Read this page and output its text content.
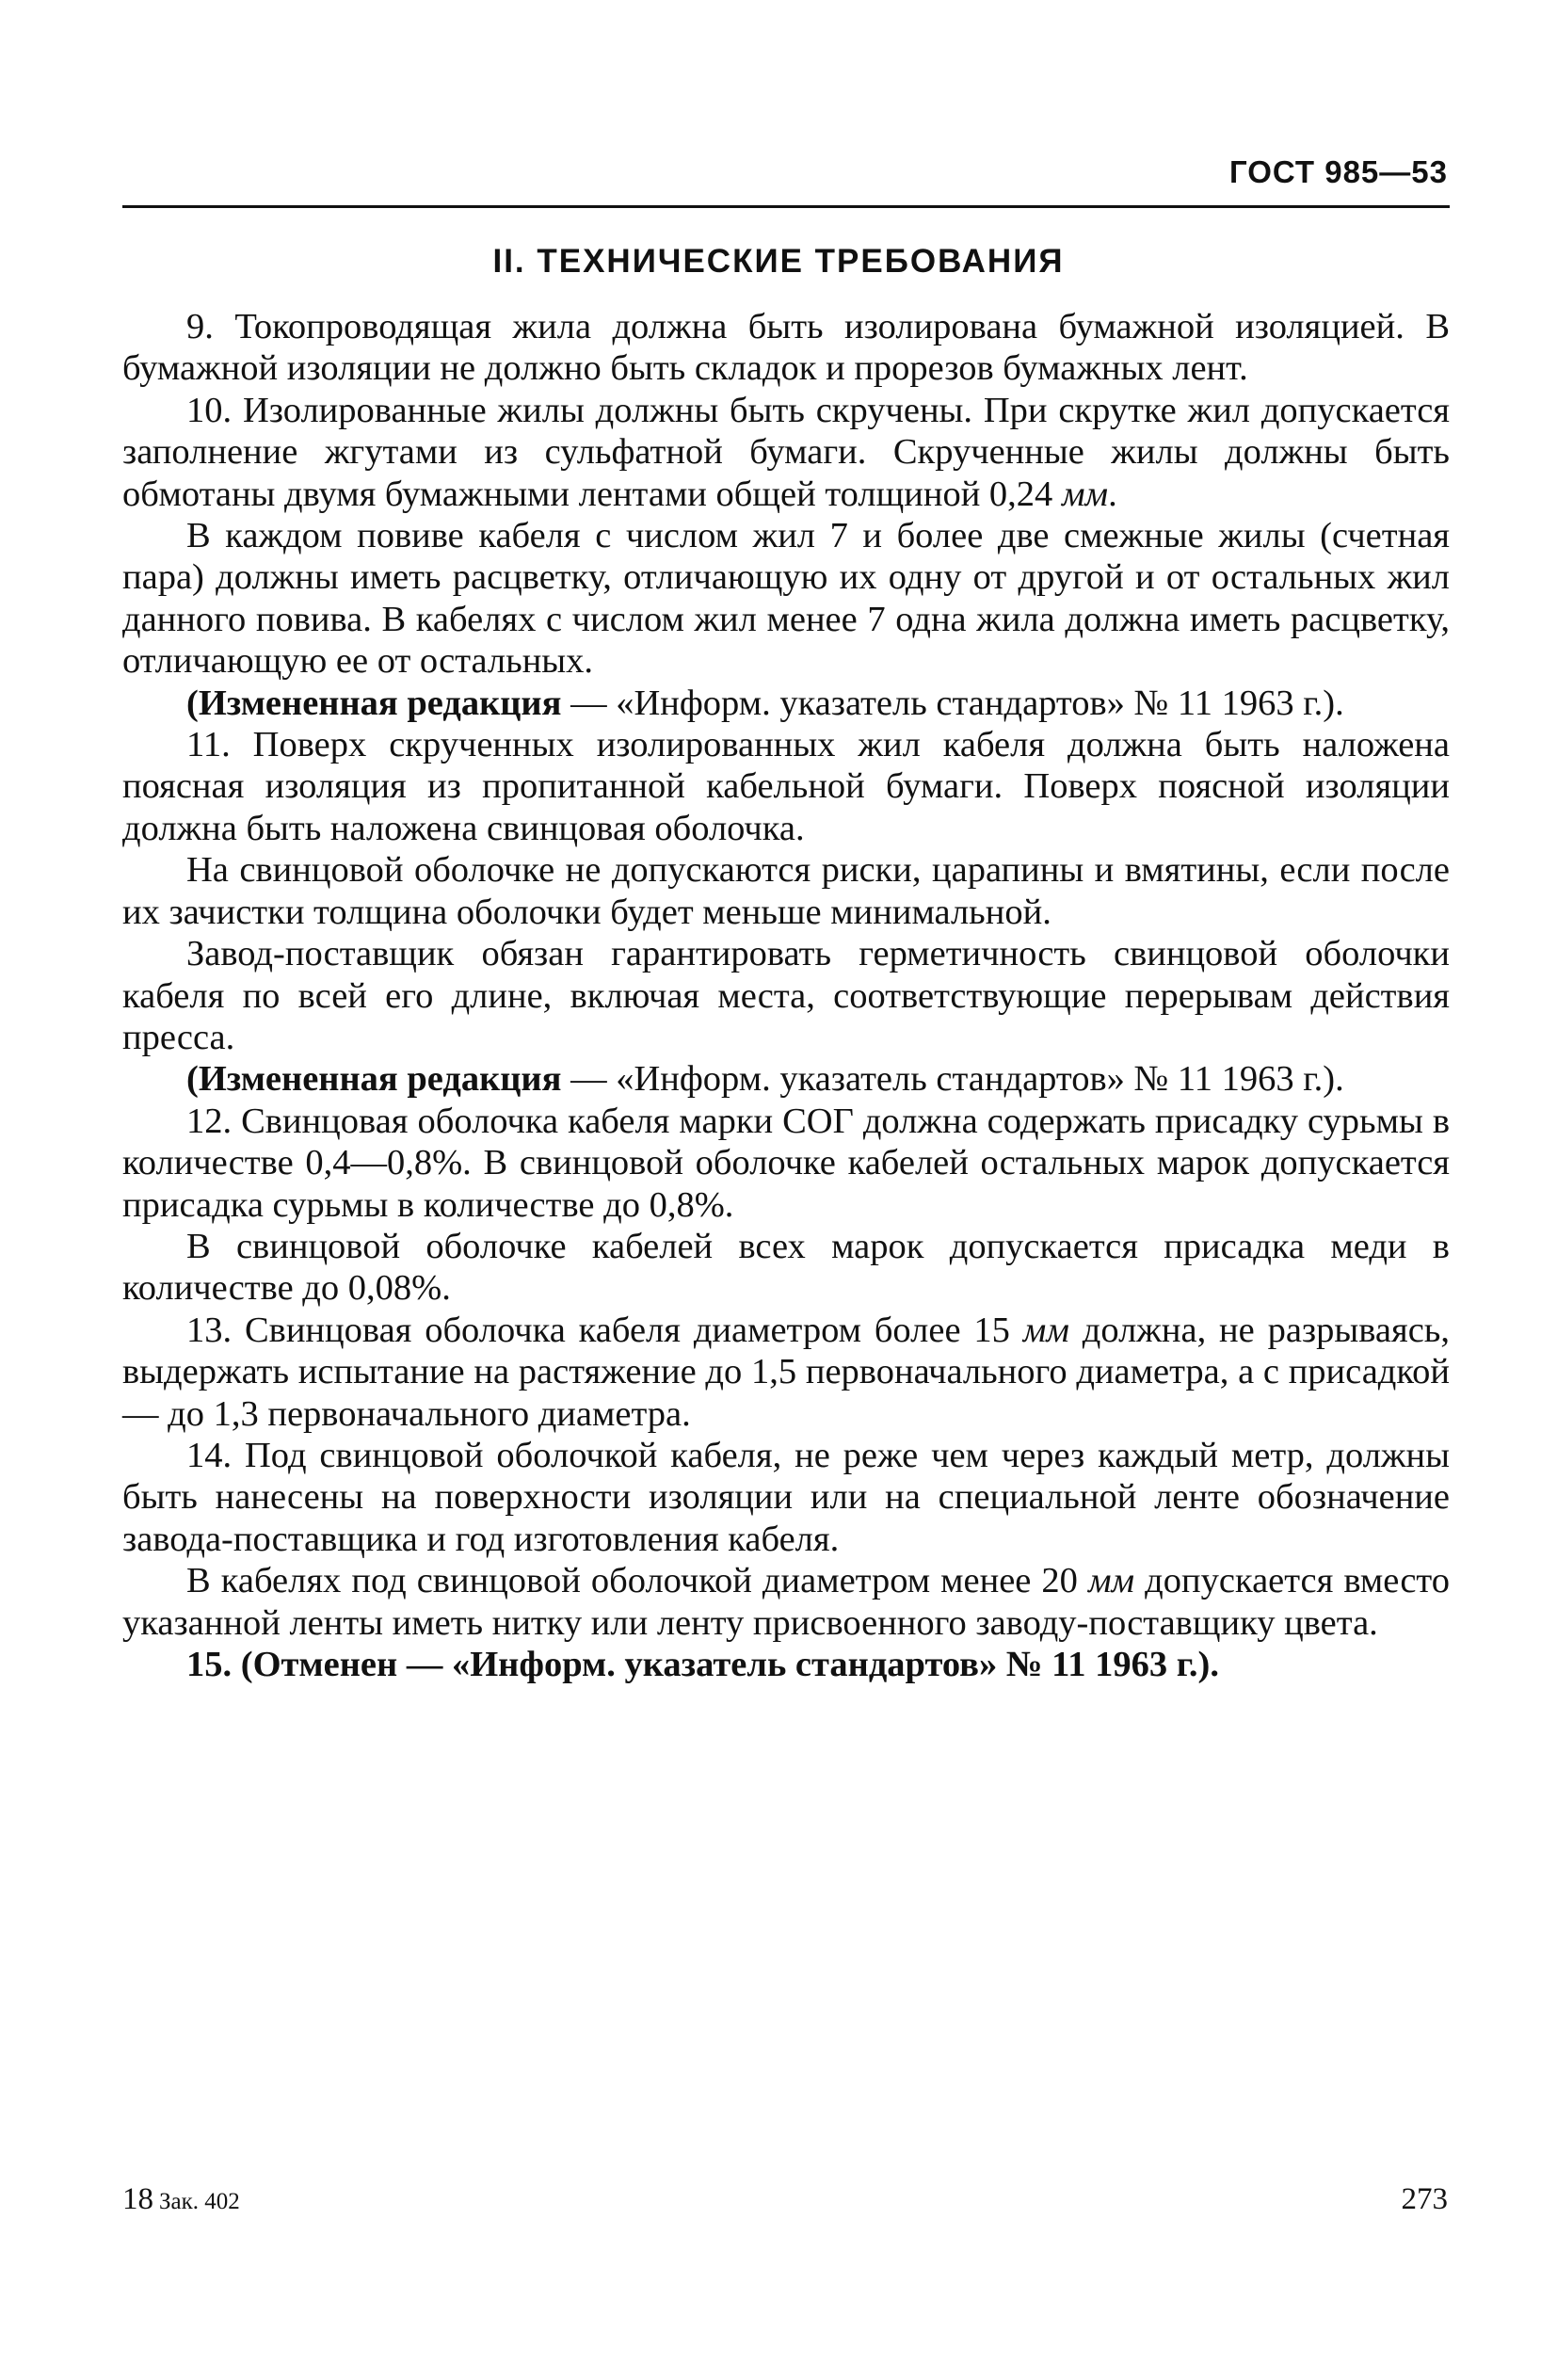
ГОСТ 985—53
II. ТЕХНИЧЕСКИЕ ТРЕБОВАНИЯ

9. Токопроводящая жила должна быть изолирована бумажной изоляцией. В бумажной изоляции не должно быть складок и прорезов бумажных лент.

10. Изолированные жилы должны быть скручены. При скрутке жил допускается заполнение жгутами из сульфатной бумаги. Скрученные жилы должны быть обмотаны двумя бумажными лентами общей толщиной 0,24 мм.

В каждом повиве кабеля с числом жил 7 и более две смежные жилы (счетная пара) должны иметь расцветку, отличающую их одну от другой и от остальных жил данного повива. В кабелях с числом жил менее 7 одна жила должна иметь расцветку, отличающую ее от остальных.

(Измененная редакция — «Информ. указатель стандартов» № 11 1963 г.).

11. Поверх скрученных изолированных жил кабеля должна быть наложена поясная изоляция из пропитанной кабельной бумаги. Поверх поясной изоляции должна быть наложена свинцовая оболочка.

На свинцовой оболочке не допускаются риски, царапины и вмятины, если после их зачистки толщина оболочки будет меньше минимальной.

Завод-поставщик обязан гарантировать герметичность свинцовой оболочки кабеля по всей его длине, включая места, соответствующие перерывам действия пресса.

(Измененная редакция — «Информ. указатель стандартов» № 11 1963 г.).

12. Свинцовая оболочка кабеля марки СОГ должна содержать присадку сурьмы в количестве 0,4—0,8%. В свинцовой оболочке кабелей остальных марок допускается присадка сурьмы в количестве до 0,8%.

В свинцовой оболочке кабелей всех марок допускается присадка меди в количестве до 0,08%.

13. Свинцовая оболочка кабеля диаметром более 15 мм должна, не разрываясь, выдержать испытание на растяжение до 1,5 первоначального диаметра, а с присадкой — до 1,3 первоначального диаметра.

14. Под свинцовой оболочкой кабеля, не реже чем через каждый метр, должны быть нанесены на поверхности изоляции или на специальной ленте обозначение завода-поставщика и год изготовления кабеля.

В кабелях под свинцовой оболочкой диаметром менее 20 мм допускается вместо указанной ленты иметь нитку или ленту присвоенного заводу-поставщику цвета.

15. (Отменен — «Информ. указатель стандартов» № 11 1963 г.).

18 Зак. 402	273
